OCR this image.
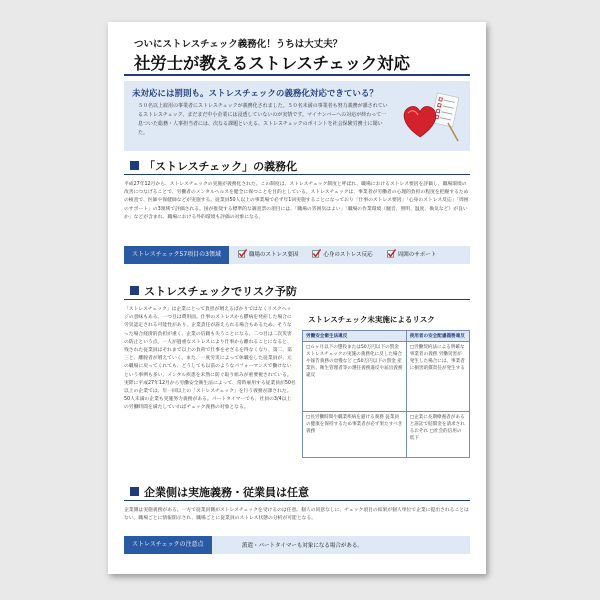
ついにストレスチェック義務化！うちは大丈夫？
社労士が教えるストレスチェック対応
未対応には罰則も。ストレスチェックの義務化対応できている？
５０名以上雇用の事業者にストレスチェックが義務化されました。５０名未満の事業者も努力義務が課されているストレスチェック、まだまだ中小企業には浸透していないのが実情です。マイナンバーへの対応が終わって一息ついた総務・人事担当者には、次なる課題といえる、ストレスチェックのポイントを社会保険労務士に聞いた。
「ストレスチェック」の義務化
平成27年12月から、ストレスチェックの実施が義務化された。この制度は、ストレスチェック制度と呼ばれ、職場におけるストレス要因を評価し、職場環境の改善につなげることで、労働者のメンタルヘルスを健全に保つことを目的としている。ストレスチェックは、事業者が労働者の心理的負担の程度を把握するための検査で、医師や保健師などが実施する。従業員50人以上の事業場で必ず年1回実施することになっており「仕事のストレス要因」「心身のストレス反応」「周囲のサポート」の3領域で評価される。国が推奨する標準的な調査票の項目には、「職場の雰囲気はよい」「職場の作業環境（騒音、照明、温度、換気など）が良いか」などが含まれ、職場における外的環境も評価の対象になる。
ストレスチェック57項目の3領域	職場のストレス要因	心身のストレス反応	周囲のサポート
ストレスチェックでリスク予防
「ストレスチェック」は企業にとって負担が増えるばかりではなくリスクヘッジの意味もある。一つ目は費用面。仕事のストレスから鬱病を発症した場合に労災認定される可能性があり、企業責任が訴えられる場合もあるため、そうなった場合経済的負担が重く、企業の信頼も失うことになる。二つ目は二次災害の防止という点。一人が過重なストレスにより仕事から離れることになると、残された従業員はそれまで以上の負荷で仕事をせざるを得なくなり、第二、第三と、離脱者が増えていく。また、一度労災によって休職をした従業員が、元の職場に戻ってくれても、どうしても以前のようなパフォーマンスで働けないという事例も多い。メンタル疾患を未然に防ぐ取り組みが重要視されている。実際に平成27年12月から労働安全衛生法によって、常時雇用する従業員が50名以上の企業では、年一回以上の「ストレスチェック」を行う義務が課された。50人未満の企業も実施努力義務がある。パートタイマーでも、社員の3/4以上の労働時間を満たしていればチェック義務の対象となる。
ストレスチェック未実施によるリスク
労働安全衛生法違反	使用者の安全配慮義務違反
□６ヶ月以下の懲役または50万円以下の罰金 ストレスチェックの実施の義務化に反した場合や報告義務の怠慢など □50万円以下の罰金 産業医、衛生管理者等の選任義務違反や届出義務違反	□労働契約法による明確な事業者の義務 労働災害が発生した場合には、事業者に損害賠償責任が発生する
□長労働時間や職業疾病を避ける義務 従業員の健康を保持するため事業者が必ず果たすべき義務	□企業に長期療養者があると訴訟で賠償金を請求されるおそれ □社会的信用の低下
企業側は実施義務・従業員は任意
企業側は実施義務がある。一方で従業員側がストレスチェックを受けるのは任意。個人の同意なしに、チェック項目の結果が個人単位で企業に提出されることはない。職場ごとに情報開示され、職場ごとに従業員のストレス状態の分析が可能となる。
ストレスチェックの注意点	派遣・パートタイマーも対象になる場合がある。
